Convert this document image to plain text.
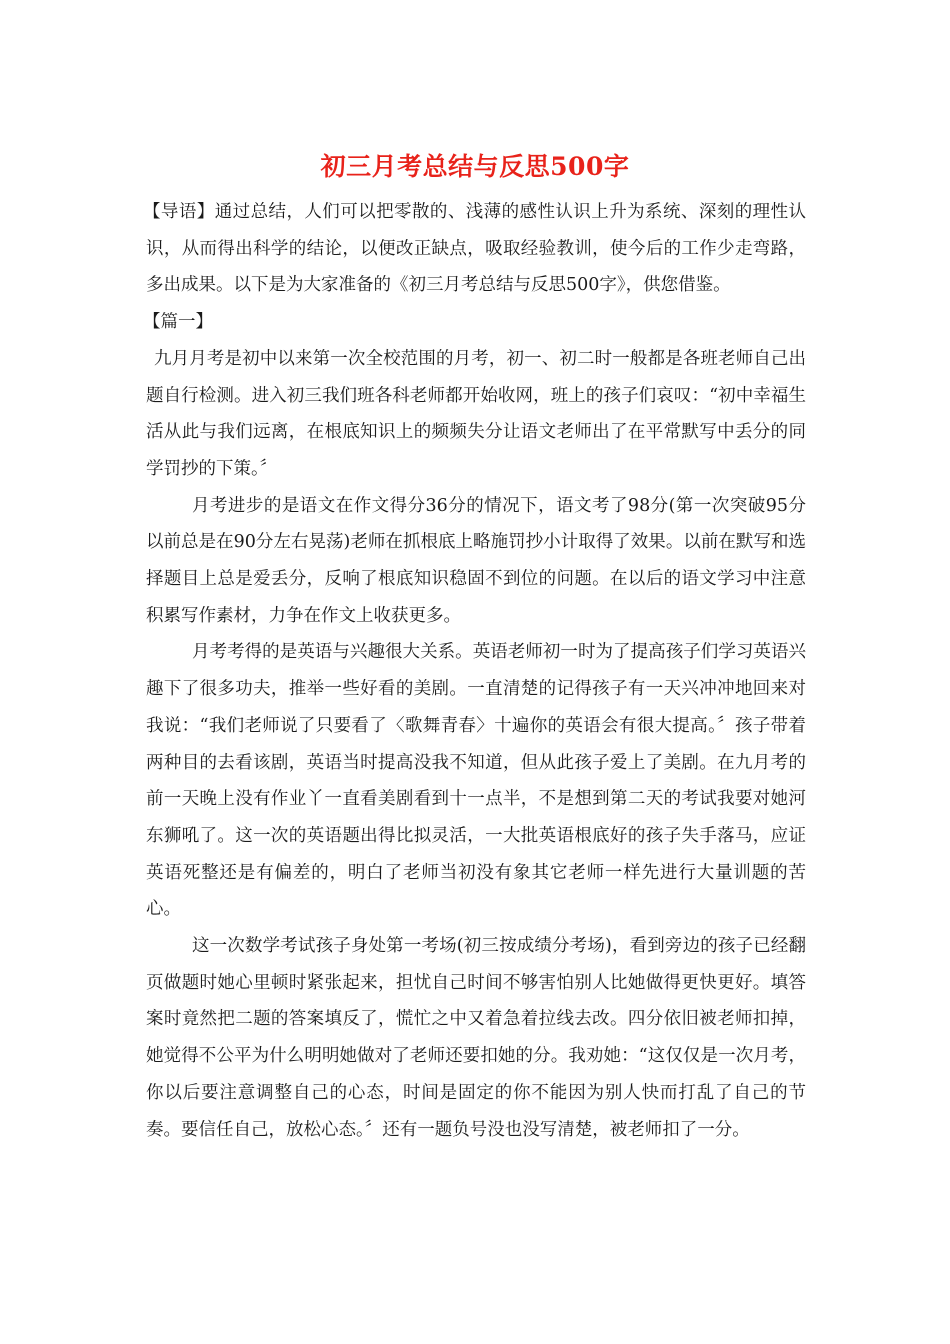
初三月考总结与反思500字

【导语】通过总结，人们可以把零散的、浅薄的感性认识上升为系统、深刻的理性认识，从而得出科学的结论，以便改正缺点，吸取经验教训，使今后的工作少走弯路，多出成果。以下是为大家准备的《初三月考总结与反思500字》，供您借鉴。

【篇一】

九月月考是初中以来第一次全校范围的月考，初一、初二时一般都是各班老师自己出题自行检测。进入初三我们班各科老师都开始收网，班上的孩子们哀叹：“初中幸福生活从此与我们远离，在根底知识上的频频失分让语文老师出了在平常默写中丢分的同学罚抄的下策。〞

月考进步的是语文在作文得分36分的情况下，语文考了98分(第一次突破95分以前总是在90分左右晃荡)老师在抓根底上略施罚抄小计取得了效果。以前在默写和选择题目上总是爱丢分，反响了根底知识稳固不到位的问题。在以后的语文学习中注意积累写作素材，力争在作文上收获更多。

月考考得的是英语与兴趣很大关系。英语老师初一时为了提高孩子们学习英语兴趣下了很多功夫，推举一些好看的美剧。一直清楚的记得孩子有一天兴冲冲地回来对我说：“我们老师说了只要看了〈歌舞青春〉十遍你的英语会有很大提高。〞孩子带着两种目的去看该剧，英语当时提高没我不知道，但从此孩子爱上了美剧。在九月考的前一天晚上没有作业丫一直看美剧看到十一点半，不是想到第二天的考试我要对她河东狮吼了。这一次的英语题出得比拟灵活，一大批英语根底好的孩子失手落马，应证英语死整还是有偏差的，明白了老师当初没有象其它老师一样先进行大量训题的苦心。

这一次数学考试孩子身处第一考场(初三按成绩分考场)，看到旁边的孩子已经翻页做题时她心里顿时紧张起来，担忧自己时间不够害怕别人比她做得更快更好。填答案时竟然把二题的答案填反了，慌忙之中又着急着拉线去改。四分依旧被老师扣掉，她觉得不公平为什么明明她做对了老师还要扣她的分。我劝她：“这仅仅是一次月考，你以后要注意调整自己的心态，时间是固定的你不能因为别人快而打乱了自己的节奏。要信任自己，放松心态。〞还有一题负号没也没写清楚，被老师扣了一分。
